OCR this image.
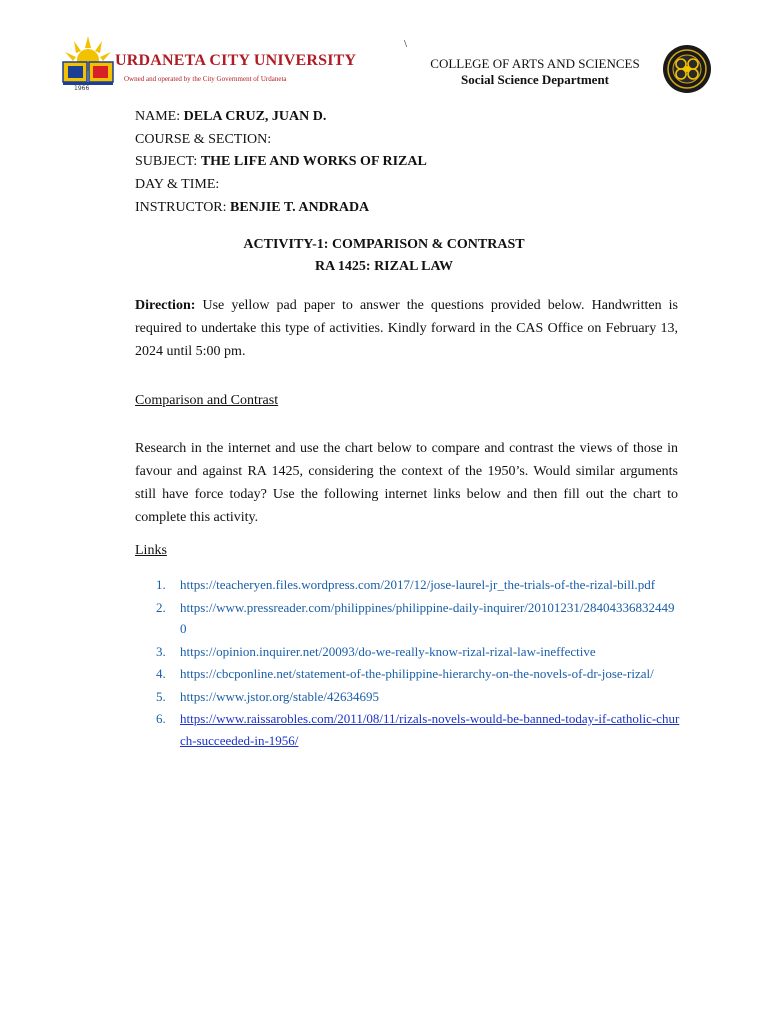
1966
URDANETA CITY UNIVERSITY
Owned and operated by the City Government of Urdaneta
\
COLLEGE OF ARTS AND SCIENCES
Social Science Department
NAME: DELA CRUZ, JUAN D.
COURSE & SECTION:
SUBJECT: THE LIFE AND WORKS OF RIZAL
DAY & TIME:
INSTRUCTOR: BENJIE T. ANDRADA
ACTIVITY-1: COMPARISON & CONTRAST
RA 1425: RIZAL LAW
Direction: Use yellow pad paper to answer the questions provided below. Handwritten is required to undertake this type of activities. Kindly forward in the CAS Office on February 13, 2024 until 5:00 pm.
Comparison and Contrast
Research in the internet and use the chart below to compare and contrast the views of those in favour and against RA 1425, considering the context of the 1950’s. Would similar arguments still have force today? Use the following internet links below and then fill out the chart to complete this activity.
Links
1. https://teacheryen.files.wordpress.com/2017/12/jose-laurel-jr_the-trials-of-the-rizal-bill.pdf
2. https://www.pressreader.com/philippines/philippine-daily-inquirer/20101231/284043368324490
3. https://opinion.inquirer.net/20093/do-we-really-know-rizal-rizal-law-ineffective
4. https://cbcponline.net/statement-of-the-philippine-hierarchy-on-the-novels-of-dr-jose-rizal/
5. https://www.jstor.org/stable/42634695
6. https://www.raissarobles.com/2011/08/11/rizals-novels-would-be-banned-today-if-catholic-church-succeeded-in-1956/
